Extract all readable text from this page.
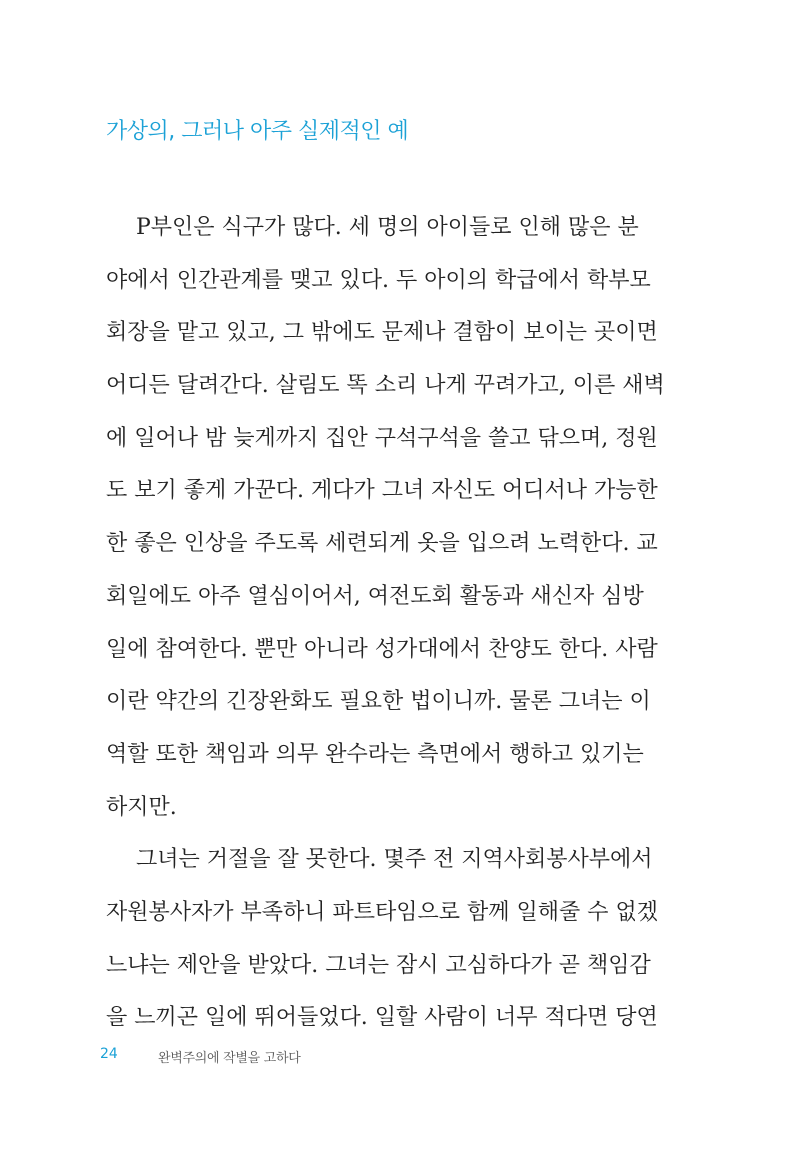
가상의, 그러나 아주 실제적인 예
P부인은 식구가 많다. 세 명의 아이들로 인해 많은 분
야에서 인간관계를 맺고 있다. 두 아이의 학급에서 학부모
회장을 맡고 있고, 그 밖에도 문제나 결함이 보이는 곳이면
어디든 달려간다. 살림도 똑 소리 나게 꾸려가고, 이른 새벽
에 일어나 밤 늦게까지 집안 구석구석을 쓸고 닦으며, 정원
도 보기 좋게 가꾼다. 게다가 그녀 자신도 어디서나 가능한
한 좋은 인상을 주도록 세련되게 옷을 입으려 노력한다. 교
회일에도 아주 열심이어서, 여전도회 활동과 새신자 심방
일에 참여한다. 뿐만 아니라 성가대에서 찬양도 한다. 사람
이란 약간의 긴장완화도 필요한 법이니까. 물론 그녀는 이
역할 또한 책임과 의무 완수라는 측면에서 행하고 있기는
하지만.
그녀는 거절을 잘 못한다. 몇주 전 지역사회봉사부에서
자원봉사자가 부족하니 파트타임으로 함께 일해줄 수 없겠
느냐는 제안을 받았다. 그녀는 잠시 고심하다가 곧 책임감
을 느끼곤 일에 뛰어들었다. 일할 사람이 너무 적다면 당연
24	완벽주의에 작별을 고하다
